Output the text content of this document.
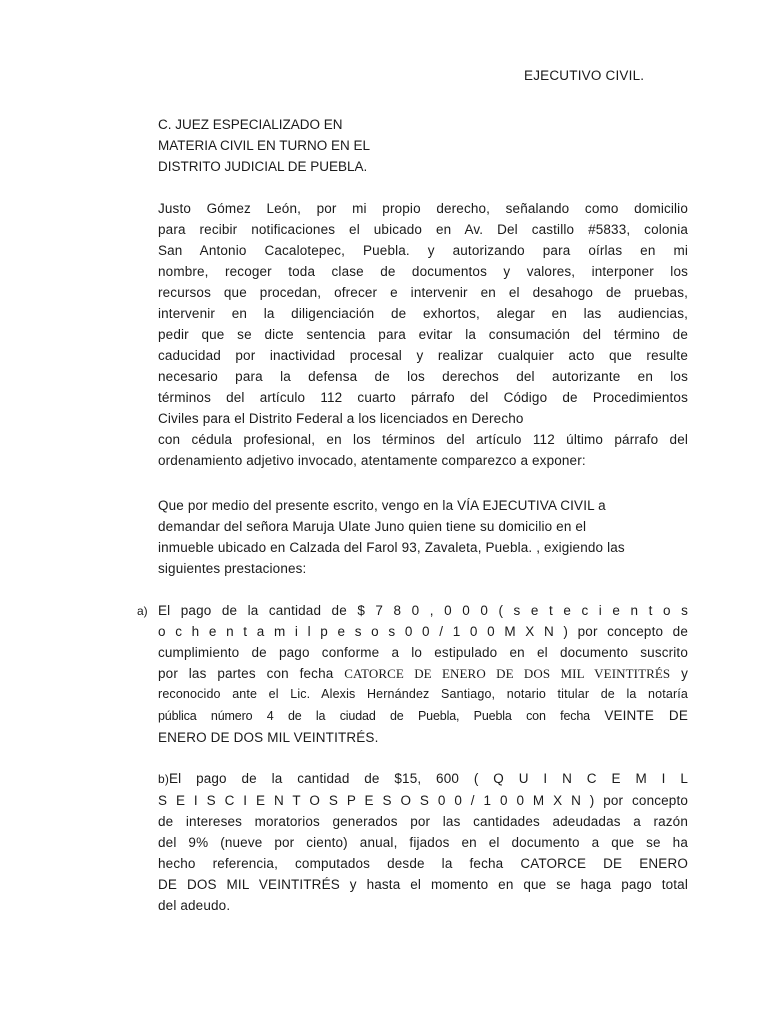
EJECUTIVO CIVIL.
C. JUEZ ESPECIALIZADO EN
MATERIA CIVIL EN TURNO EN EL
DISTRITO JUDICIAL DE PUEBLA.
Justo Gómez León, por mi propio derecho, señalando como domicilio
para recibir notificaciones el ubicado en Av. Del castillo #5833, colonia
San Antonio Cacalotepec, Puebla. y autorizando para oírlas en mi
nombre, recoger toda clase de documentos y valores, interponer los
recursos que procedan, ofrecer e intervenir en el desahogo de pruebas,
intervenir en la diligenciación de exhortos, alegar en las audiencias,
pedir que se dicte sentencia para evitar la consumación del término de
caducidad por inactividad procesal y realizar cualquier acto que resulte
necesario para la defensa de los derechos del autorizante en los
términos del artículo 112 cuarto párrafo del Código de Procedimientos
Civiles para el Distrito Federal a los licenciados en Derecho
con cédula profesional, en los términos del artículo 112 último párrafo del
ordenamiento adjetivo invocado, atentamente comparezco a exponer:
Que por medio del presente escrito, vengo en la VÍA EJECUTIVA CIVIL a
demandar del señora Maruja Ulate Juno quien tiene su domicilio en el
inmueble ubicado en Calzada del Farol 93, Zavaleta, Puebla. , exigiendo las
siguientes prestaciones:
a) El pago de la cantidad de $ 7 8 0 , 0 0 0 ( s e t e c i e n t o s
o c h e n t a m i l p e s o s 0 0 / 1 0 0 M X N ) por concepto de
cumplimiento de pago conforme a lo estipulado en el documento suscrito
por las partes con fecha CATORCE DE ENERO DE DOS MIL VEINTITRÉS y
reconocido ante el Lic. Alexis Hernández Santiago, notario titular de la notaría
pública número 4 de la ciudad de Puebla, Puebla con fecha VEINTE DE
ENERO DE DOS MIL VEINTITRÉS.
b)El pago de la cantidad de $15, 600 ( Q U I N C E M I L
S E I S C I E N T O S P E S O S 0 0 / 1 0 0 M X N ) por concepto
de intereses moratorios generados por las cantidades adeudadas a razón
del 9% (nueve por ciento) anual, fijados en el documento a que se ha
hecho referencia, computados desde la fecha CATORCE DE ENERO
DE DOS MIL VEINTITRÉS y hasta el momento en que se haga pago total
del adeudo.
